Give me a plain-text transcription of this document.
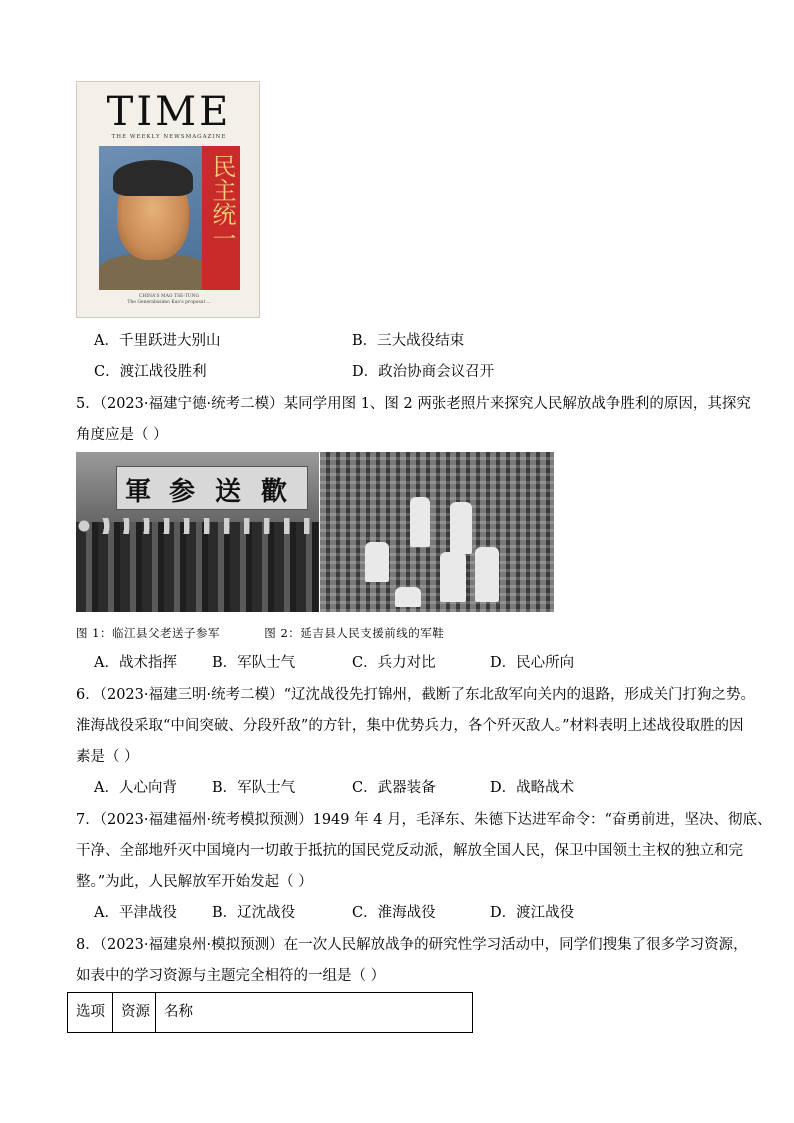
TIME
THE WEEKLY NEWSMAGAZINE
民主统一
CHINA'S MAO TSE-TUNG
The Generalissimo Kuo's proposal ...
A．千里跃进大别山	B．三大战役结束
C．渡江战役胜利	D．政治协商会议召开
5．（2023·福建宁德·统考二模）某同学用图 1、图 2 两张老照片来探究人民解放战争胜利的原因，其探究
角度应是（ ）
軍 参 送 歡
图 1：临江县父老送子参军	图 2：延吉县人民支援前线的军鞋
A．战术指挥 B．军队士气	C．兵力对比	D．民心所向
6．（2023·福建三明·统考二模）“辽沈战役先打锦州，截断了东北敌军向关内的退路，形成关门打狗之势。
淮海战役采取“中间突破、分段歼敌”的方针，集中优势兵力，各个歼灭敌人。”材料表明上述战役取胜的因
素是（ ）
A．人心向背 B．军队士气	C．武器装备	D．战略战术
7．（2023·福建福州·统考模拟预测）1949 年 4 月，毛泽东、朱德下达进军命令：“奋勇前进，坚决、彻底、
干净、全部地歼灭中国境内一切敢于抵抗的国民党反动派，解放全国人民，保卫中国领土主权的独立和完
整。”为此，人民解放军开始发起（ ）
A．平津战役 B．辽沈战役	C．淮海战役	D．渡江战役
8．（2023·福建泉州·模拟预测）在一次人民解放战争的研究性学习活动中，同学们搜集了很多学习资源，
如表中的学习资源与主题完全相符的一组是（ ）
选项	资源 名称
